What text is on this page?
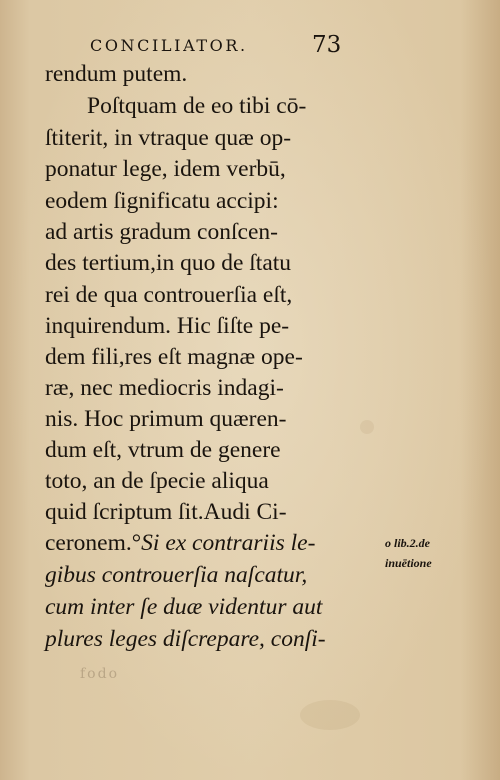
CONCILIATOR.	73
rendum putem.
Poſtquam de eo tibi cō-
ſtiterit, in vtraque quæ op-
ponatur lege, idem verbū,
eodem ſignificatu accipi:
ad artis gradum conſcen-
des tertium,in quo de ſtatu
rei de qua controuerſia eſt,
inquirendum. Hic ſiſte pe-
dem fili,res eſt magnæ ope-
ræ, nec mediocris indagi-
nis. Hoc primum quæren-
dum eſt, vtrum de genere
toto, an de ſpecie aliqua
quid ſcriptum ſit.Audi Ci-
ceronem.°Si ex contrariis le-
gibus controuerſia naſcatur,
cum inter ſe duæ videntur aut
plures leges diſcrepare, conſi-
o lib.2.de
inuētione
fodo
